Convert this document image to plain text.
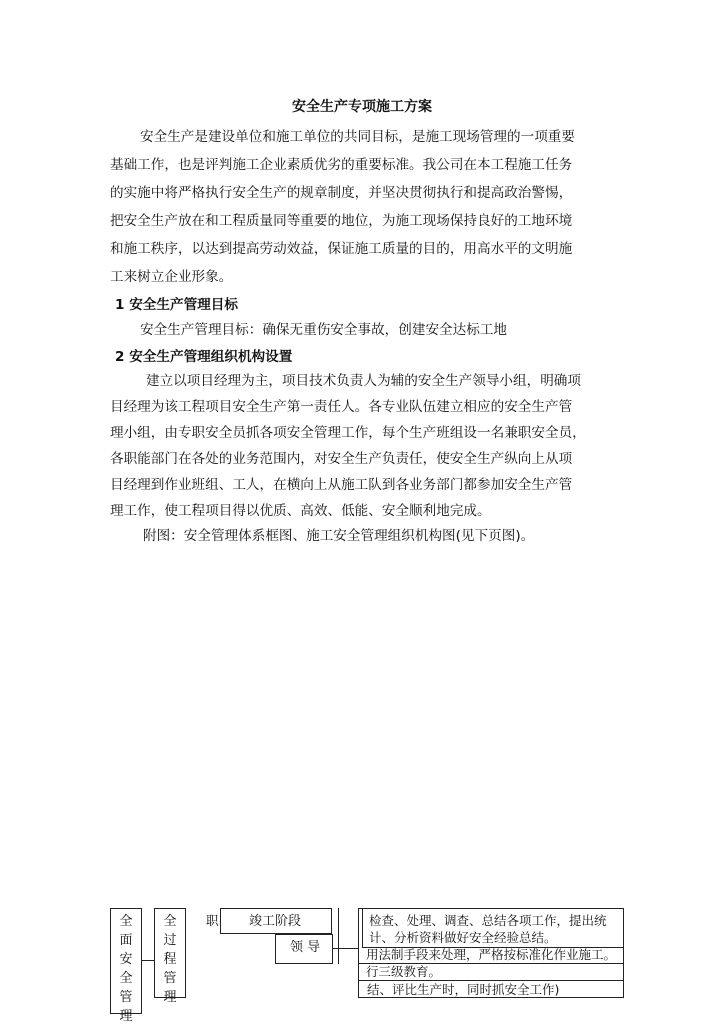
安全生产专项施工方案
安全生产是建设单位和施工单位的共同目标，是施工现场管理的一项重要
基础工作，也是评判施工企业素质优劣的重要标准。我公司在本工程施工任务
的实施中将严格执行安全生产的规章制度，并坚决贯彻执行和提高政治警惕，
把安全生产放在和工程质量同等重要的地位，为施工现场保持良好的工地环境
和施工秩序，以达到提高劳动效益，保证施工质量的目的，用高水平的文明施
工来树立企业形象。
1 安全生产管理目标
安全生产管理目标：确保无重伤安全事故，创建安全达标工地
2 安全生产管理组织机构设置
建立以项目经理为主，项目技术负责人为辅的安全生产领导小组，明确项
目经理为该工程项目安全生产第一责任人。各专业队伍建立相应的安全生产管
理小组，由专职安全员抓各项安全管理工作，每个生产班组设一名兼职安全员，
各职能部门在各处的业务范围内，对安全生产负责任，使安全生产纵向上从项
目经理到作业班组、工人，在横向上从施工队到各业务部门都参加安全生产管
理工作，使工程项目得以优质、高效、低能、安全顺利地完成。
附图：安全管理体系框图、施工安全管理组织机构图(见下页图)。
全
面
安
全
管
理
全
过
程
管
理
职 竣工阶段
领 导
检查、处理、调查、总结各项工作，提出统
计、分析资料做好安全经验总结。
用法制手段来处理，严格按标准化作业施工。
行三级教育。
结、评比生产时，同时抓安全工作)
